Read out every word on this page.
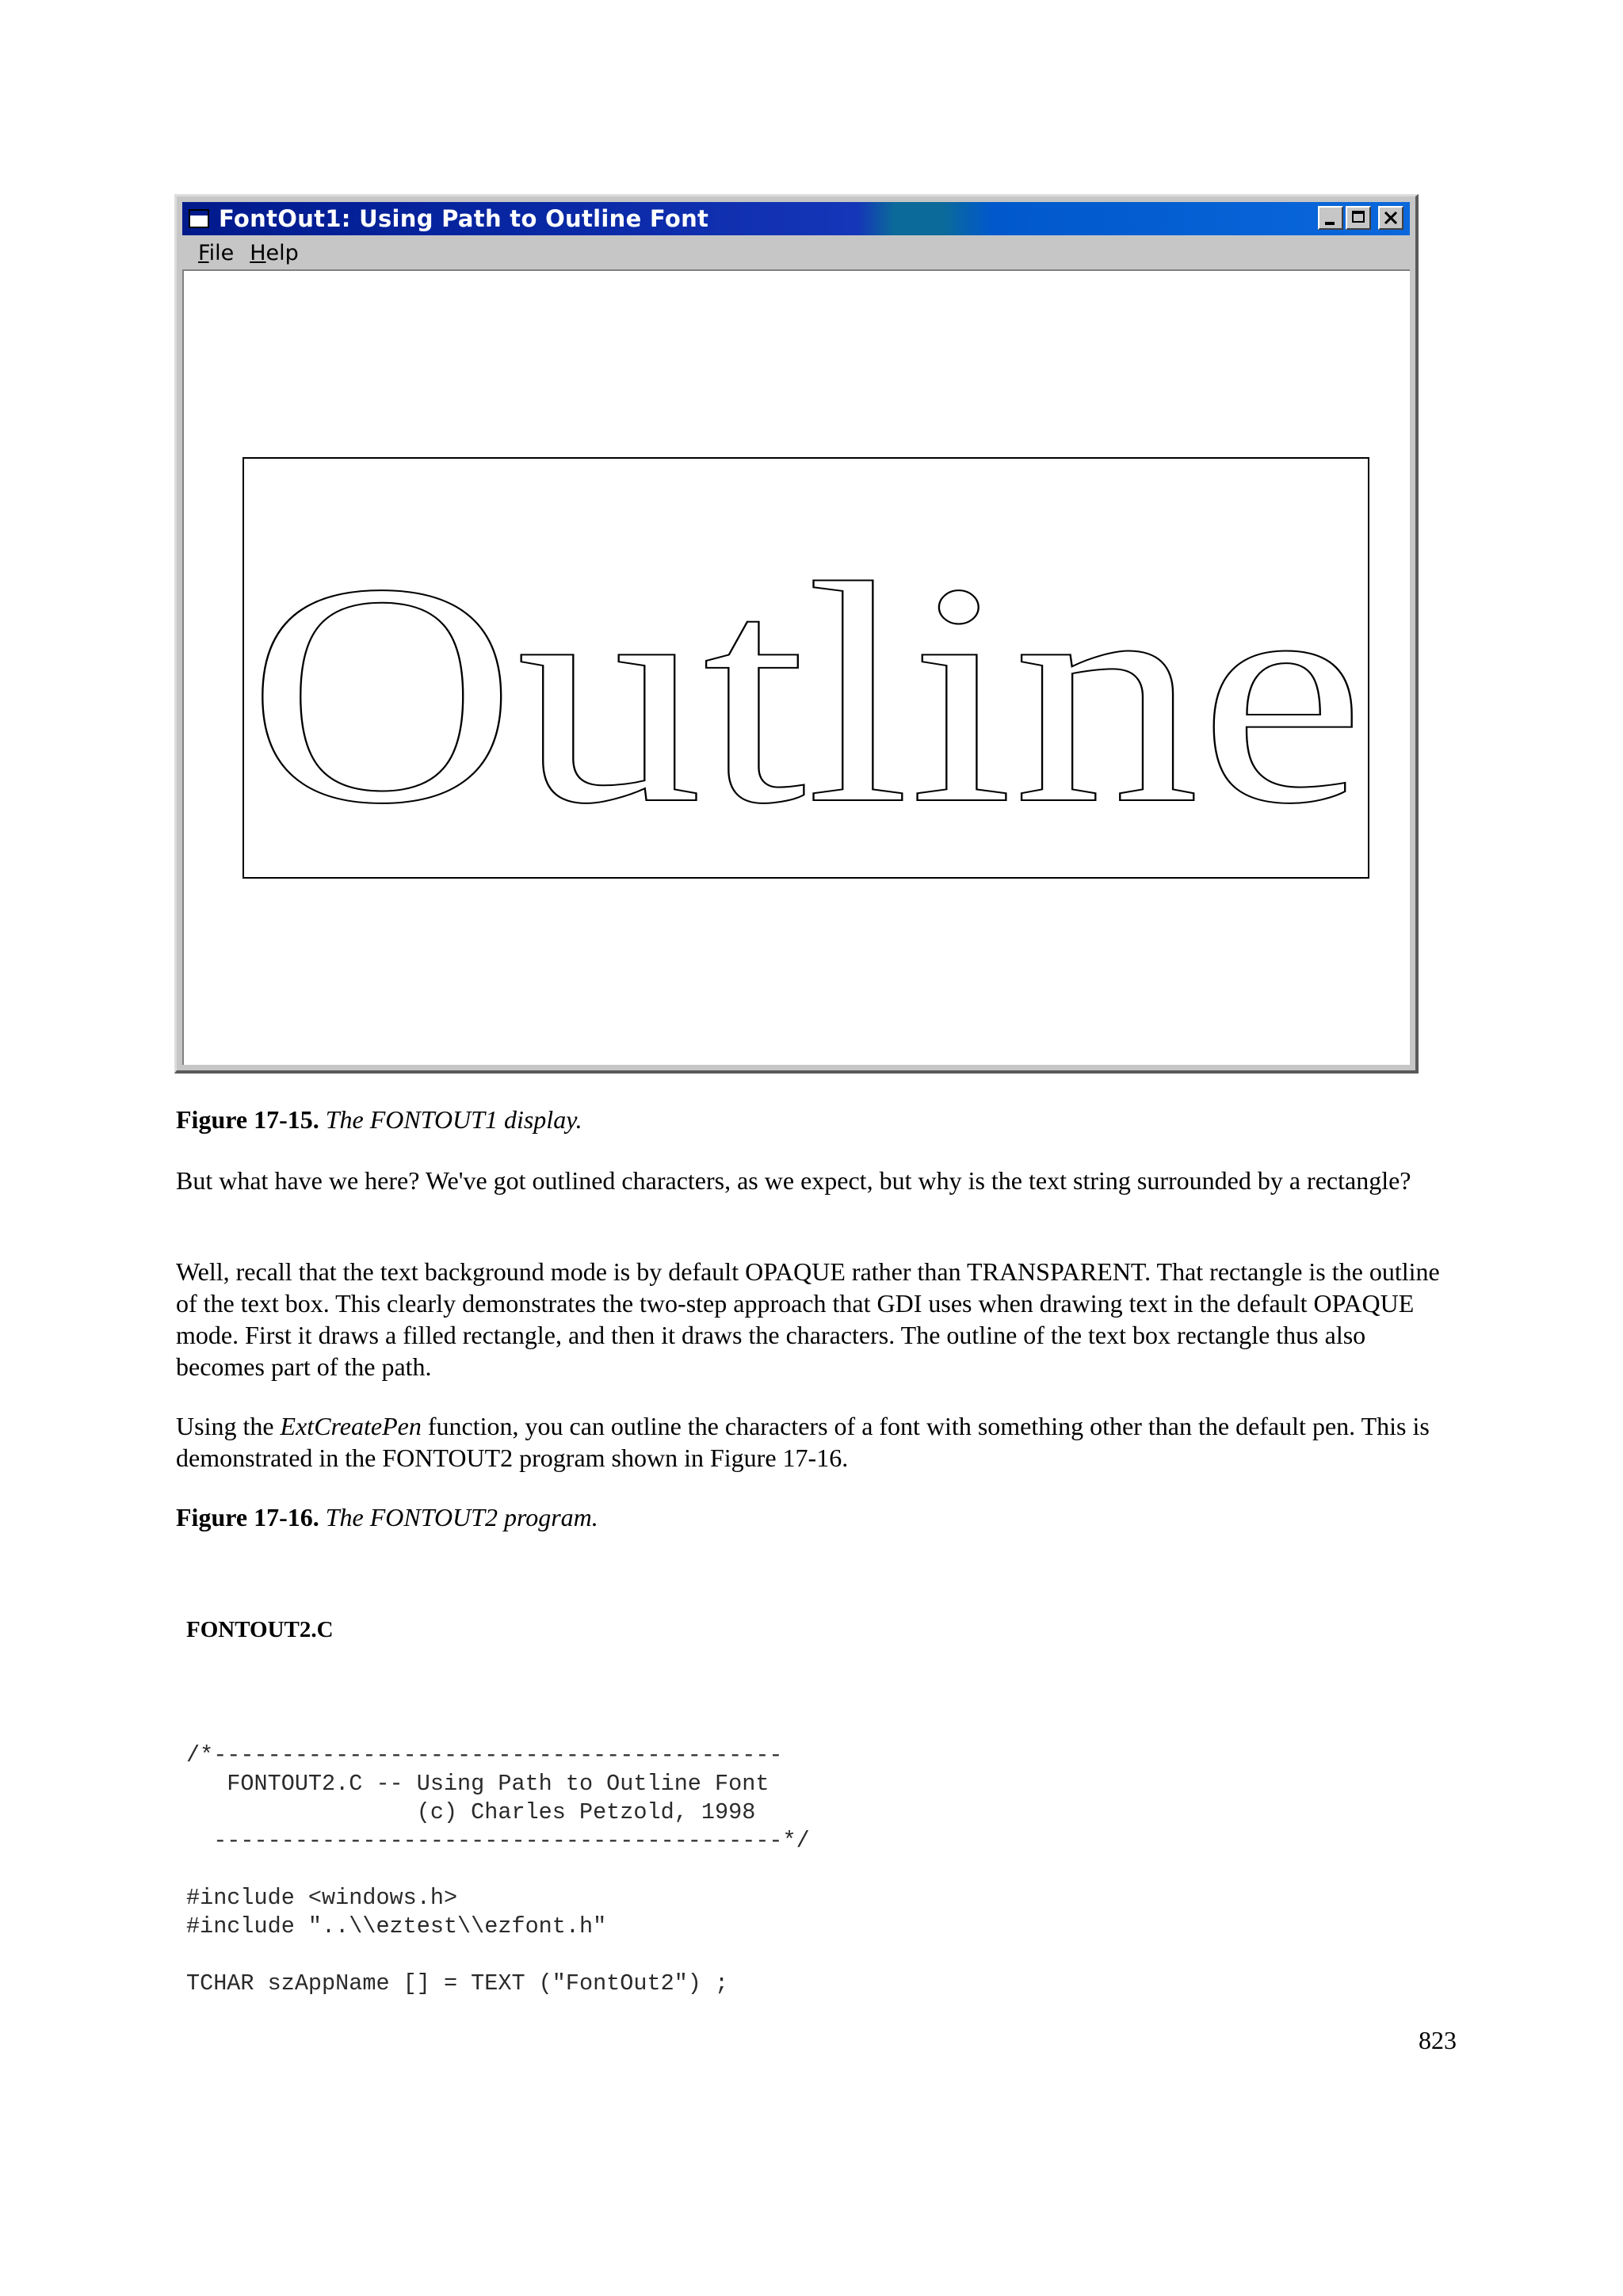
FontOut1: Using Path to Outline Font
File Help
Outline
Figure 17-15. The FONTOUT1 display.
But what have we here? We've got outlined characters, as we expect, but why is the text string surrounded by a rectangle?
Well, recall that the text background mode is by default OPAQUE rather than TRANSPARENT. That rectangle is the outline of the text box. This clearly demonstrates the two-step approach that GDI uses when drawing text in the default OPAQUE mode. First it draws a filled rectangle, and then it draws the characters. The outline of the text box rectangle thus also becomes part of the path.
Using the ExtCreatePen function, you can outline the characters of a font with something other than the default pen. This is demonstrated in the FONTOUT2 program shown in Figure 17-16.
Figure 17-16. The FONTOUT2 program.
FONTOUT2.C
/*------------------------------------------
FONTOUT2.C -- Using Path to Outline Font
(c) Charles Petzold, 1998
------------------------------------------*/
#include <windows.h>
#include "..\\eztest\\ezfont.h"
TCHAR szAppName [] = TEXT ("FontOut2") ;
823
